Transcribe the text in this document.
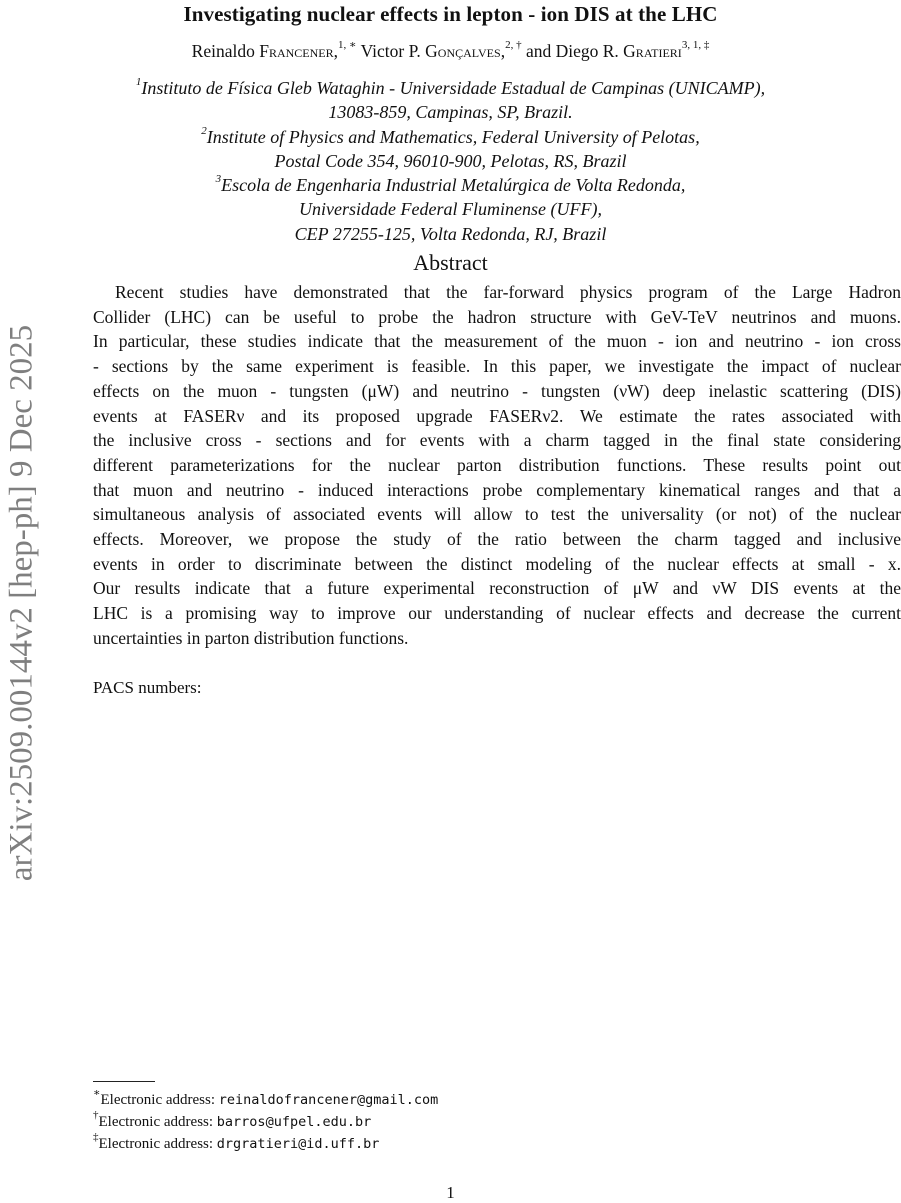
arXiv:2509.00144v2 [hep-ph] 9 Dec 2025
Investigating nuclear effects in lepton - ion DIS at the LHC
Reinaldo Francener,$^{1, ∗}$ Victor P. Gonçalves,$^{2, \dagger}$ and Diego R. Gratieri$^{3, 1, \ddagger}$
$^1$Instituto de Física Gleb Wataghin - Universidade Estadual de Campinas (UNICAMP),
13083-859, Campinas, SP, Brazil.
$^2$Institute of Physics and Mathematics, Federal University of Pelotas,
Postal Code 354, 96010-900, Pelotas, RS, Brazil
$^3$Escola de Engenharia Industrial Metalúrgica de Volta Redonda,
Universidade Federal Fluminense (UFF),
CEP 27255-125, Volta Redonda, RJ, Brazil
Abstract
Recent studies have demonstrated that the far-forward physics program of the Large Hadron
Collider (LHC) can be useful to probe the hadron structure with GeV-TeV neutrinos and muons.
In particular, these studies indicate that the measurement of the muon - ion and neutrino - ion cross
- sections by the same experiment is feasible. In this paper, we investigate the impact of nuclear
effects on the muon - tungsten (μW) and neutrino - tungsten (νW) deep inelastic scattering (DIS)
events at FASERν and its proposed upgrade FASERν2. We estimate the rates associated with
the inclusive cross - sections and for events with a charm tagged in the final state considering
different parameterizations for the nuclear parton distribution functions. These results point out
that muon and neutrino - induced interactions probe complementary kinematical ranges and that a
simultaneous analysis of associated events will allow to test the universality (or not) of the nuclear
effects. Moreover, we propose the study of the ratio between the charm tagged and inclusive
events in order to discriminate between the distinct modeling of the nuclear effects at small - x.
Our results indicate that a future experimental reconstruction of μW and νW DIS events at the
LHC is a promising way to improve our understanding of nuclear effects and decrease the current
uncertainties in parton distribution functions.
PACS numbers:
∗Electronic address: reinaldofrancener@gmail.com
†Electronic address: barros@ufpel.edu.br
‡Electronic address: drgratieri@id.uff.br
1
